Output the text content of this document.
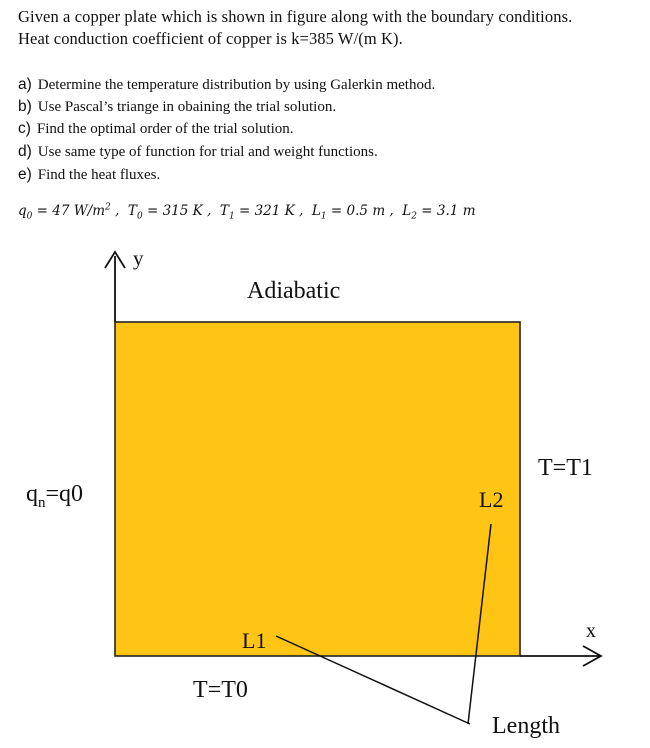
Given a copper plate which is shown in figure along with the boundary conditions.
Heat conduction coefficient of copper is k=385 W/(m K).
a) Determine the temperature distribution by using Galerkin method.
b) Use Pascal’s triange in obaining the trial solution.
c) Find the optimal order of the trial solution.
d) Use same type of function for trial and weight functions.
e) Find the heat fluxes.
$q_0 = 47$ $W/m^2$ ,  $T_0 = 315$ K ,  $T_1 = 321$ K ,  $L_1 = 0.5$ m ,  $L_2 = 3.1$ m
y
x
Adiabatic
T=T1
T=T0
$q_n=q0$
L1
L2
Length
